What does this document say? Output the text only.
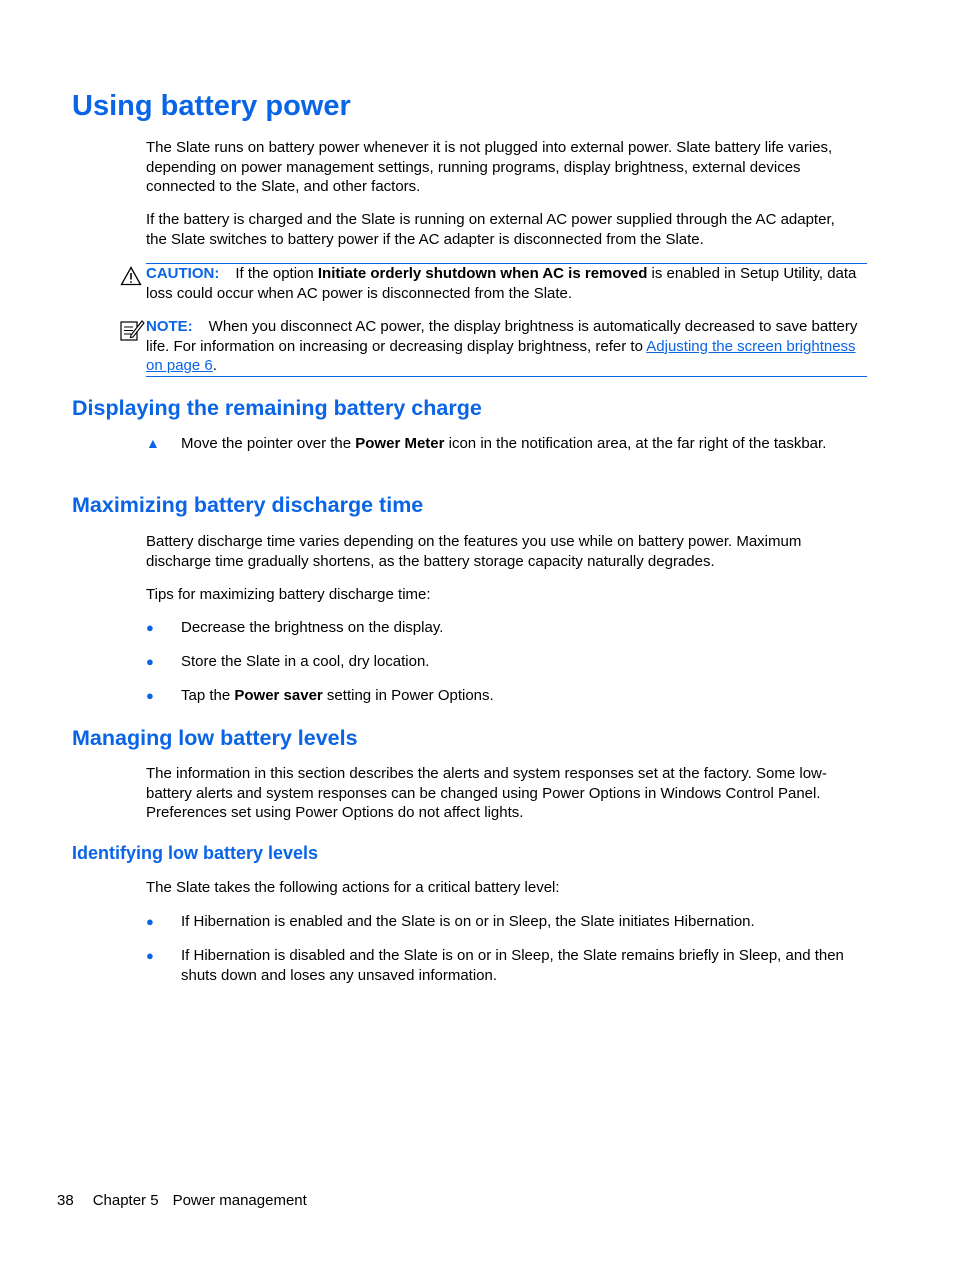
Using battery power

The Slate runs on battery power whenever it is not plugged into external power. Slate battery life varies, depending on power management settings, running programs, display brightness, external devices connected to the Slate, and other factors.

If the battery is charged and the Slate is running on external AC power supplied through the AC adapter, the Slate switches to battery power if the AC adapter is disconnected from the Slate.

CAUTION: If the option Initiate orderly shutdown when AC is removed is enabled in Setup Utility, data loss could occur when AC power is disconnected from the Slate.
NOTE: When you disconnect AC power, the display brightness is automatically decreased to save battery life. For information on increasing or decreasing display brightness, refer to Adjusting the screen brightness on page 6.
Displaying the remaining battery charge
▲ Move the pointer over the Power Meter icon in the notification area, at the far right of the taskbar.
Maximizing battery discharge time

Battery discharge time varies depending on the features you use while on battery power. Maximum discharge time gradually shortens, as the battery storage capacity naturally degrades.

Tips for maximizing battery discharge time:

● Decrease the brightness on the display.
● Store the Slate in a cool, dry location.
● Tap the Power saver setting in Power Options.
Managing low battery levels

The information in this section describes the alerts and system responses set at the factory. Some low-battery alerts and system responses can be changed using Power Options in Windows Control Panel. Preferences set using Power Options do not affect lights.

Identifying low battery levels

The Slate takes the following actions for a critical battery level:

● If Hibernation is enabled and the Slate is on or in Sleep, the Slate initiates Hibernation.
● If Hibernation is disabled and the Slate is on or in Sleep, the Slate remains briefly in Sleep, and then shuts down and loses any unsaved information.
38 Chapter 5 Power management
